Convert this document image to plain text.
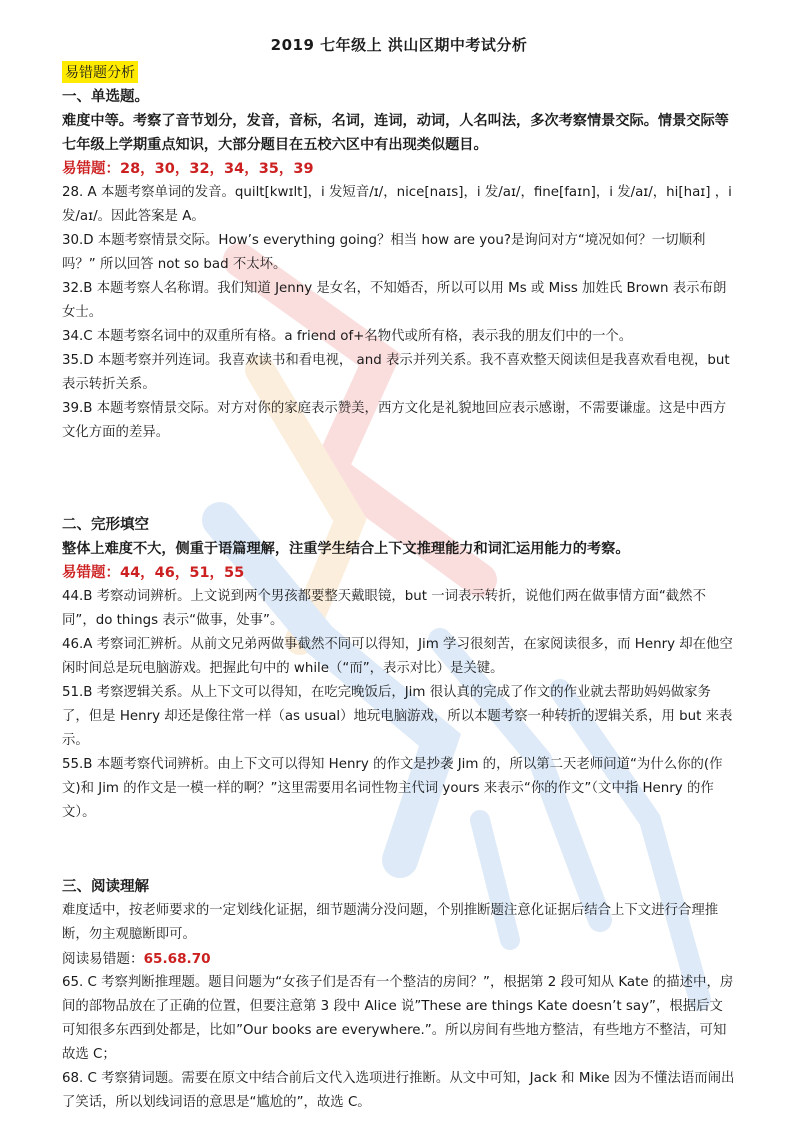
2019 七年级上 洪山区期中考试分析
易错题分析
一、单选题。

难度中等。考察了音节划分，发音，音标，名词，连词，动词，人名叫法，多次考察情景交际。情景交际等七年级上学期重点知识，大部分题目在五校六区中有出现类似题目。

易错题：28，30，32，34，35，39

28. A 本题考察单词的发音。quilt[kwɪlt]，i 发短音/ɪ/，nice[naɪs]，i 发/aɪ/，fine[faɪn]，i 发/aɪ/，hi[haɪ] ，i 发/aɪ/。因此答案是 A。

30.D 本题考察情景交际。How’s everything going？相当 how are you?是询问对方“境况如何？一切顺利吗？” 所以回答 not so bad 不太坏。

32.B 本题考察人名称谓。我们知道 Jenny 是女名，不知婚否，所以可以用 Ms 或 Miss 加姓氏 Brown 表示布朗女士。

34.C 本题考察名词中的双重所有格。a friend of+名物代或所有格，表示我的朋友们中的一个。

35.D 本题考察并列连词。我喜欢读书和看电视， and 表示并列关系。我不喜欢整天阅读但是我喜欢看电视，but 表示转折关系。

39.B 本题考察情景交际。对方对你的家庭表示赞美，西方文化是礼貌地回应表示感谢，不需要谦虚。这是中西方文化方面的差异。

二、完形填空

整体上难度不大，侧重于语篇理解，注重学生结合上下文推理能力和词汇运用能力的考察。

易错题：44，46，51，55

44.B 考察动词辨析。上文说到两个男孩都要整天戴眼镜，but 一词表示转折，说他们两在做事情方面“截然不同”，do things 表示“做事，处事”。

46.A 考察词汇辨析。从前文兄弟两做事截然不同可以得知，Jim 学习很刻苦，在家阅读很多，而 Henry 却在他空闲时间总是玩电脑游戏。把握此句中的 while（“而”，表示对比）是关键。

51.B 考察逻辑关系。从上下文可以得知，在吃完晚饭后，Jim 很认真的完成了作文的作业就去帮助妈妈做家务了，但是 Henry 却还是像往常一样（as usual）地玩电脑游戏，所以本题考察一种转折的逻辑关系，用 but 来表示。

55.B 本题考察代词辨析。由上下文可以得知 Henry 的作文是抄袭 Jim 的，所以第二天老师问道“为什么你的(作文)和 Jim 的作文是一模一样的啊？”这里需要用名词性物主代词 yours 来表示“你的作文”（文中指 Henry 的作文）。

三、阅读理解

难度适中，按老师要求的一定划线化证据，细节题满分没问题，个别推断题注意化证据后结合上下文进行合理推断，勿主观臆断即可。

阅读易错题：65.68.70

65. C 考察判断推理题。题目问题为“女孩子们是否有一个整洁的房间？”，根据第 2 段可知从 Kate 的描述中，房间的部物品放在了正确的位置，但要注意第 3 段中 Alice 说”These are things Kate doesn’t say”，根据后文可知很多东西到处都是，比如”Our books are everywhere.”。所以房间有些地方整洁，有些地方不整洁，可知故选 C；

68. C 考察猜词题。需要在原文中结合前后文代入选项进行推断。从文中可知，Jack 和 Mike 因为不懂法语而闹出了笑话，所以划线词语的意思是“尴尬的”，故选 C。
